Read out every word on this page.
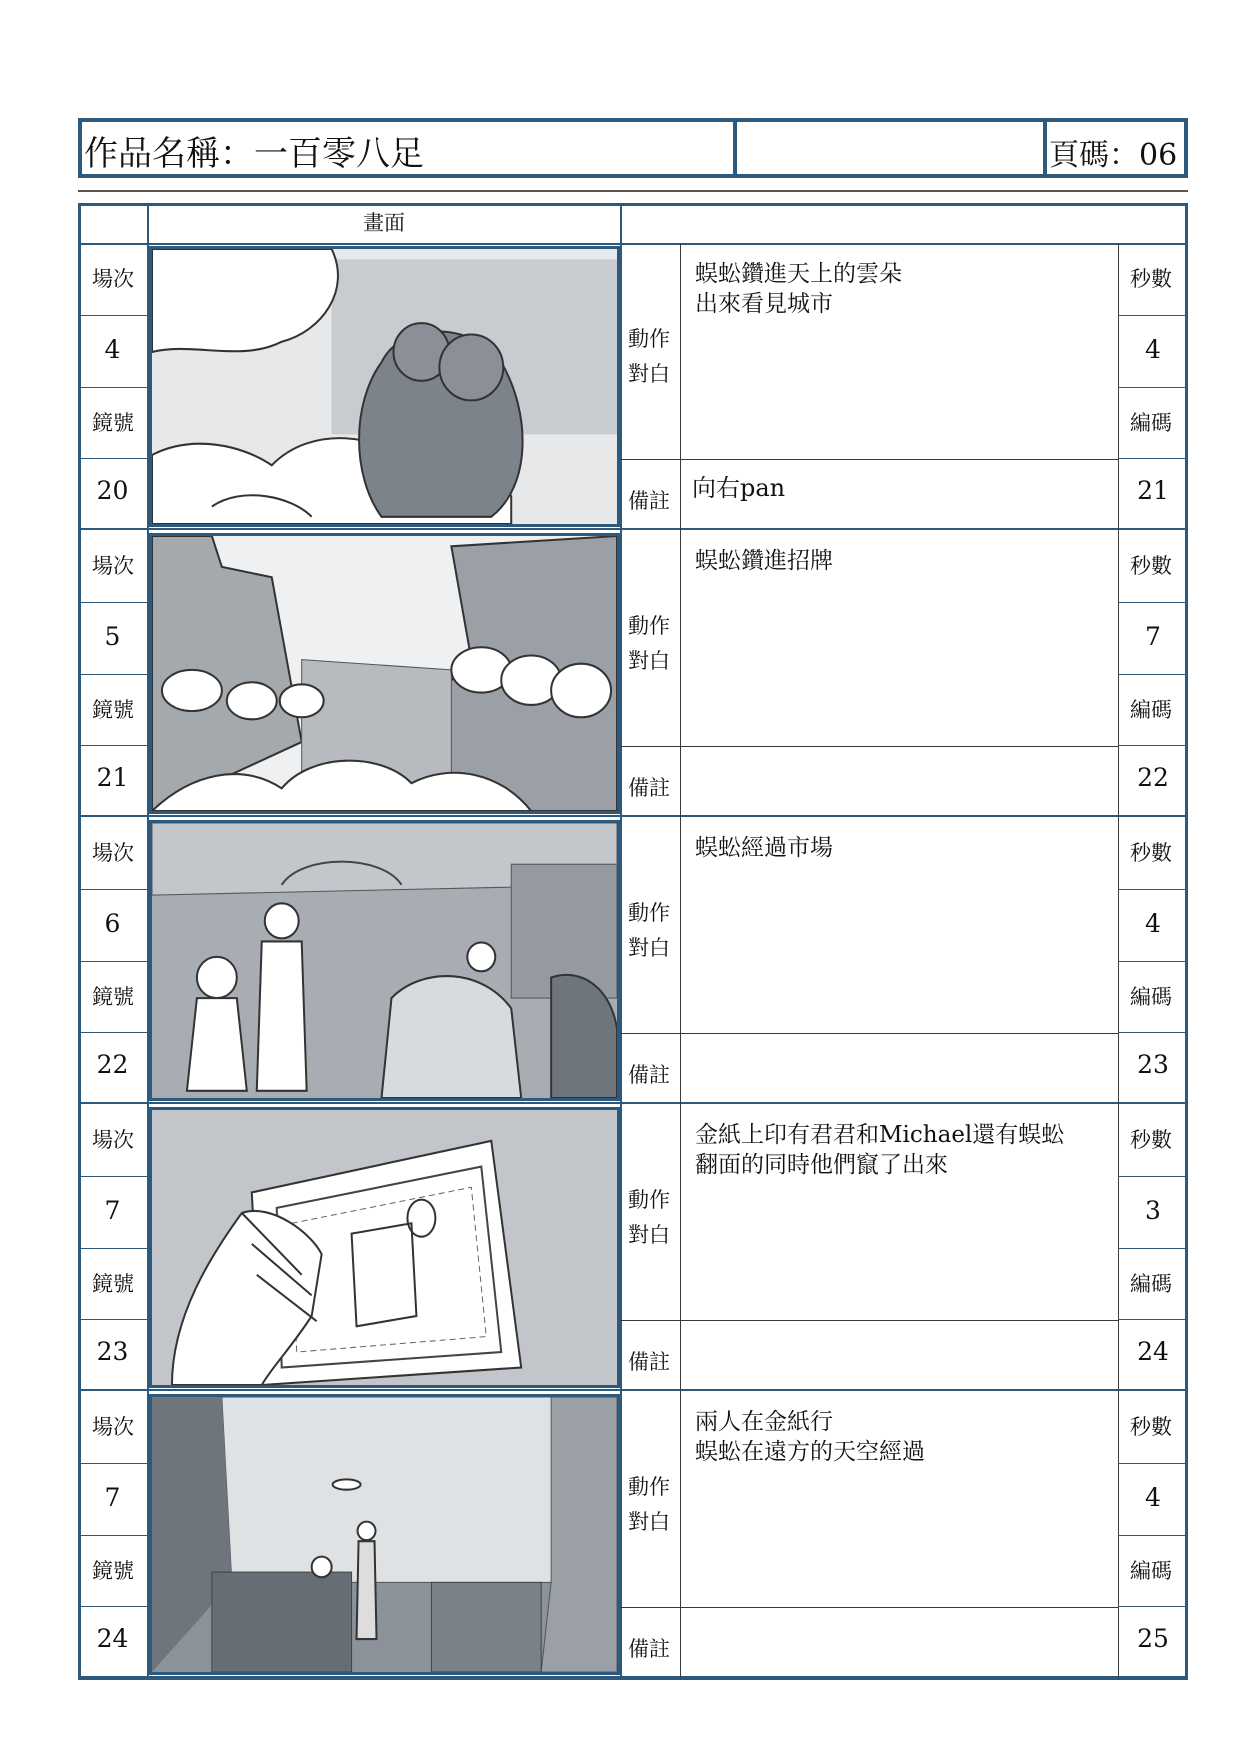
作品名稱：一百零八足	頁碼：06
畫面
場次
4
鏡號
20
秒數
4
編碼
21
動作
對白
備註
蜈蚣鑽進天上的雲朵
出來看見城市
向右pan
場次
5
鏡號
21
秒數
7
編碼
22
動作
對白
備註
蜈蚣鑽進招牌
場次
6
鏡號
22
秒數
4
編碼
23
動作
對白
備註
蜈蚣經過市場
場次
7
鏡號
23
秒數
3
編碼
24
動作
對白
備註
金紙上印有君君和Michael還有蜈蚣
翻面的同時他們竄了出來
場次
7
鏡號
24
秒數
4
編碼
25
動作
對白
備註
兩人在金紙行
蜈蚣在遠方的天空經過
